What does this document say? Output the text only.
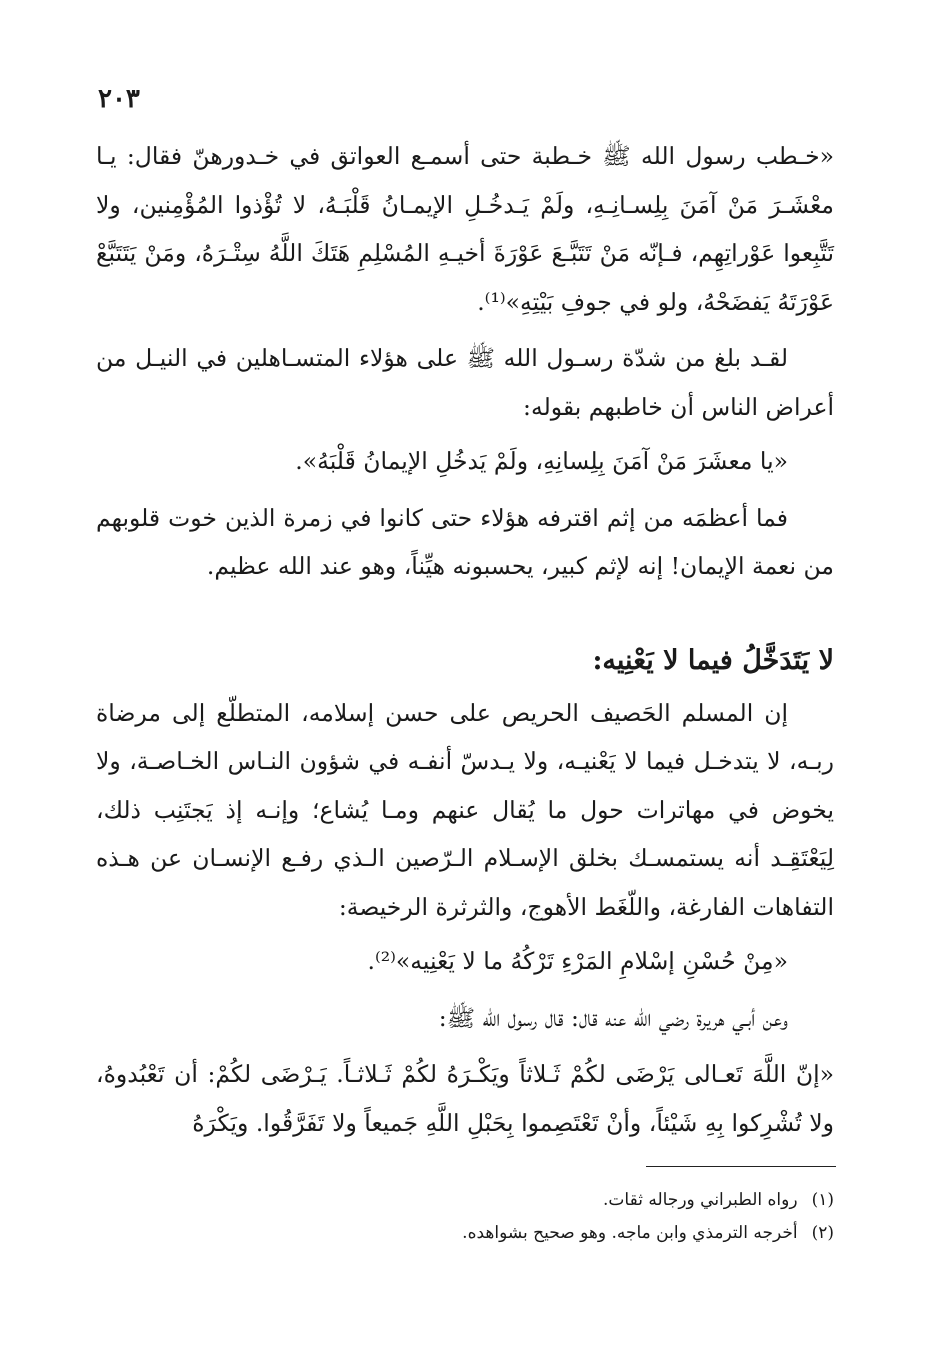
٢٠٣

«خـطب رسول الله ﷺ خـطبة حتى أسمـع العواتق في خـدورهنّ فقال: يـا معْشَـرَ مَنْ آمَنَ بِلِسـانِـهِ، ولَمْ يَـدخُـلِ الإيمـانُ قَلْبَـهُ، لا تُؤْذوا المُؤْمِنين، ولا تَتَّبِعوا عَوْراتِهِم، فـإنّه مَنْ تَتَبَّـعَ عَوْرَةَ أخيـهِ المُسْلِمِ هَتَكَ اللَّهُ سِتْـرَهُ، ومَنْ يَتَتَبَّعْ عَوْرَتَهُ يَفضَحْهُ، ولو في جوفِ بَيْتِهِ»⁽¹⁾.

لقـد بلغ من شدّة رسـول الله ﷺ على هؤلاء المتسـاهلين في النيـل من أعراض الناس أن خاطبهم بقوله:

«يا معشَرَ مَنْ آمَنَ بِلِسانِهِ، ولَمْ يَدخُلِ الإيمانُ قَلْبَهُ».

فما أعظمَه من إثم اقترفه هؤلاء حتى كانوا في زمرة الذين خوت قلوبهم من نعمة الإيمان! إنه لإثم كبير، يحسبونه هيِّناً، وهو عند الله عظيم.

لا يَتَدَخَّلُ فيما لا يَعْنِيه:

إن المسلم الحَصيف الحريص على حسن إسلامه، المتطلّع إلى مرضاة ربـه، لا يتدخـل فيما لا يَعْنيـه، ولا يـدسّ أنفـه في شؤون النـاس الخـاصـة، ولا يخوض في مهاترات حول ما يُقال عنهم ومـا يُشاع؛ وإنـه إذ يَجتَنِب ذلك، لِيَعْتَقِـد أنه يستمسـك بخلق الإسـلام الـرّصين الـذي رفـع الإنسـان عن هـذه التفاهات الفارغة، واللّغَط الأهوج، والثرثرة الرخيصة:

«مِنْ حُسْنِ إسْلامِ المَرْءِ تَرْكُهُ ما لا يَعْنِيه»⁽²⁾.

وعن أبـي هريرة رضي الله عنه قال: قال رسول الله ﷺ:

«إنّ اللَّهَ تَعـالى يَرْضَى لكُمْ ثَـلاثاً ويَكْـرَهُ لكُمْ ثَـلاثـاً. يَـرْضَى لكُمْ: أن تَعْبُدوهُ، ولا تُشْرِكوا بِهِ شَيْئاً، وأنْ تَعْتَصِموا بِحَبْلِ اللَّهِ جَميعاً ولا تَفَرَّقُوا. ويَكْرَهُ

(١)
رواه الطبراني ورجاله ثقات.
(٢)
أخرجه الترمذي وابن ماجه. وهو صحيح بشواهده.
